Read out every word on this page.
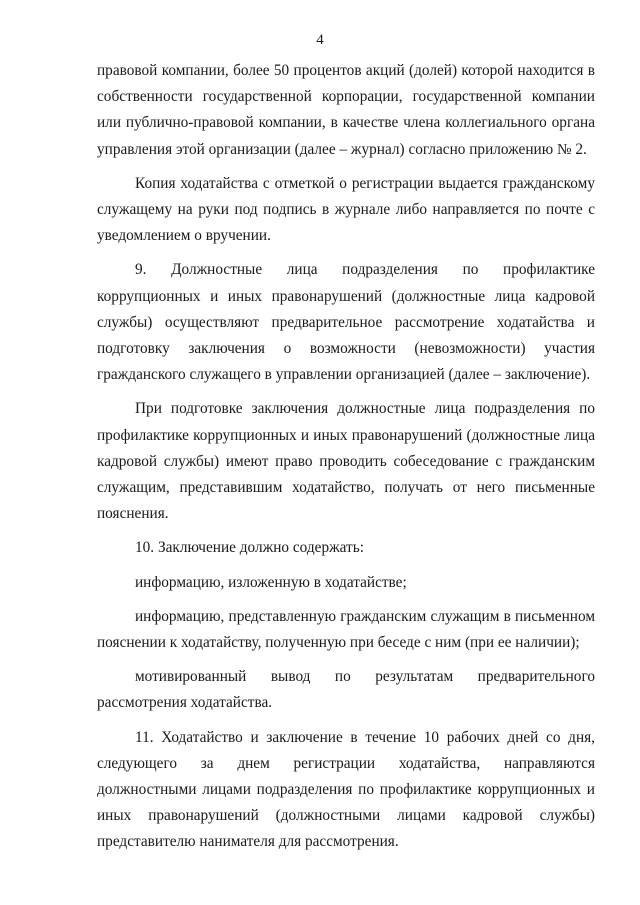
4

правовой компании, более 50 процентов акций (долей) которой находится в собственности государственной корпорации, государственной компании или публично-правовой компании, в качестве члена коллегиального органа управления этой организации (далее – журнал) согласно приложению № 2.

Копия ходатайства с отметкой о регистрации выдается гражданскому служащему на руки под подпись в журнале либо направляется по почте с уведомлением о вручении.

9. Должностные лица подразделения по профилактике коррупционных и иных правонарушений (должностные лица кадровой службы) осуществляют предварительное рассмотрение ходатайства и подготовку заключения о возможности (невозможности) участия гражданского служащего в управлении организацией (далее – заключение).

При подготовке заключения должностные лица подразделения по профилактике коррупционных и иных правонарушений (должностные лица кадровой службы) имеют право проводить собеседование с гражданским служащим, представившим ходатайство, получать от него письменные пояснения.

10. Заключение должно содержать:

информацию, изложенную в ходатайстве;

информацию, представленную гражданским служащим в письменном пояснении к ходатайству, полученную при беседе с ним (при ее наличии);

мотивированный вывод по результатам предварительного рассмотрения ходатайства.

11. Ходатайство и заключение в течение 10 рабочих дней со дня, следующего за днем регистрации ходатайства, направляются должностными лицами подразделения по профилактике коррупционных и иных правонарушений (должностными лицами кадровой службы) представителю нанимателя для рассмотрения.
